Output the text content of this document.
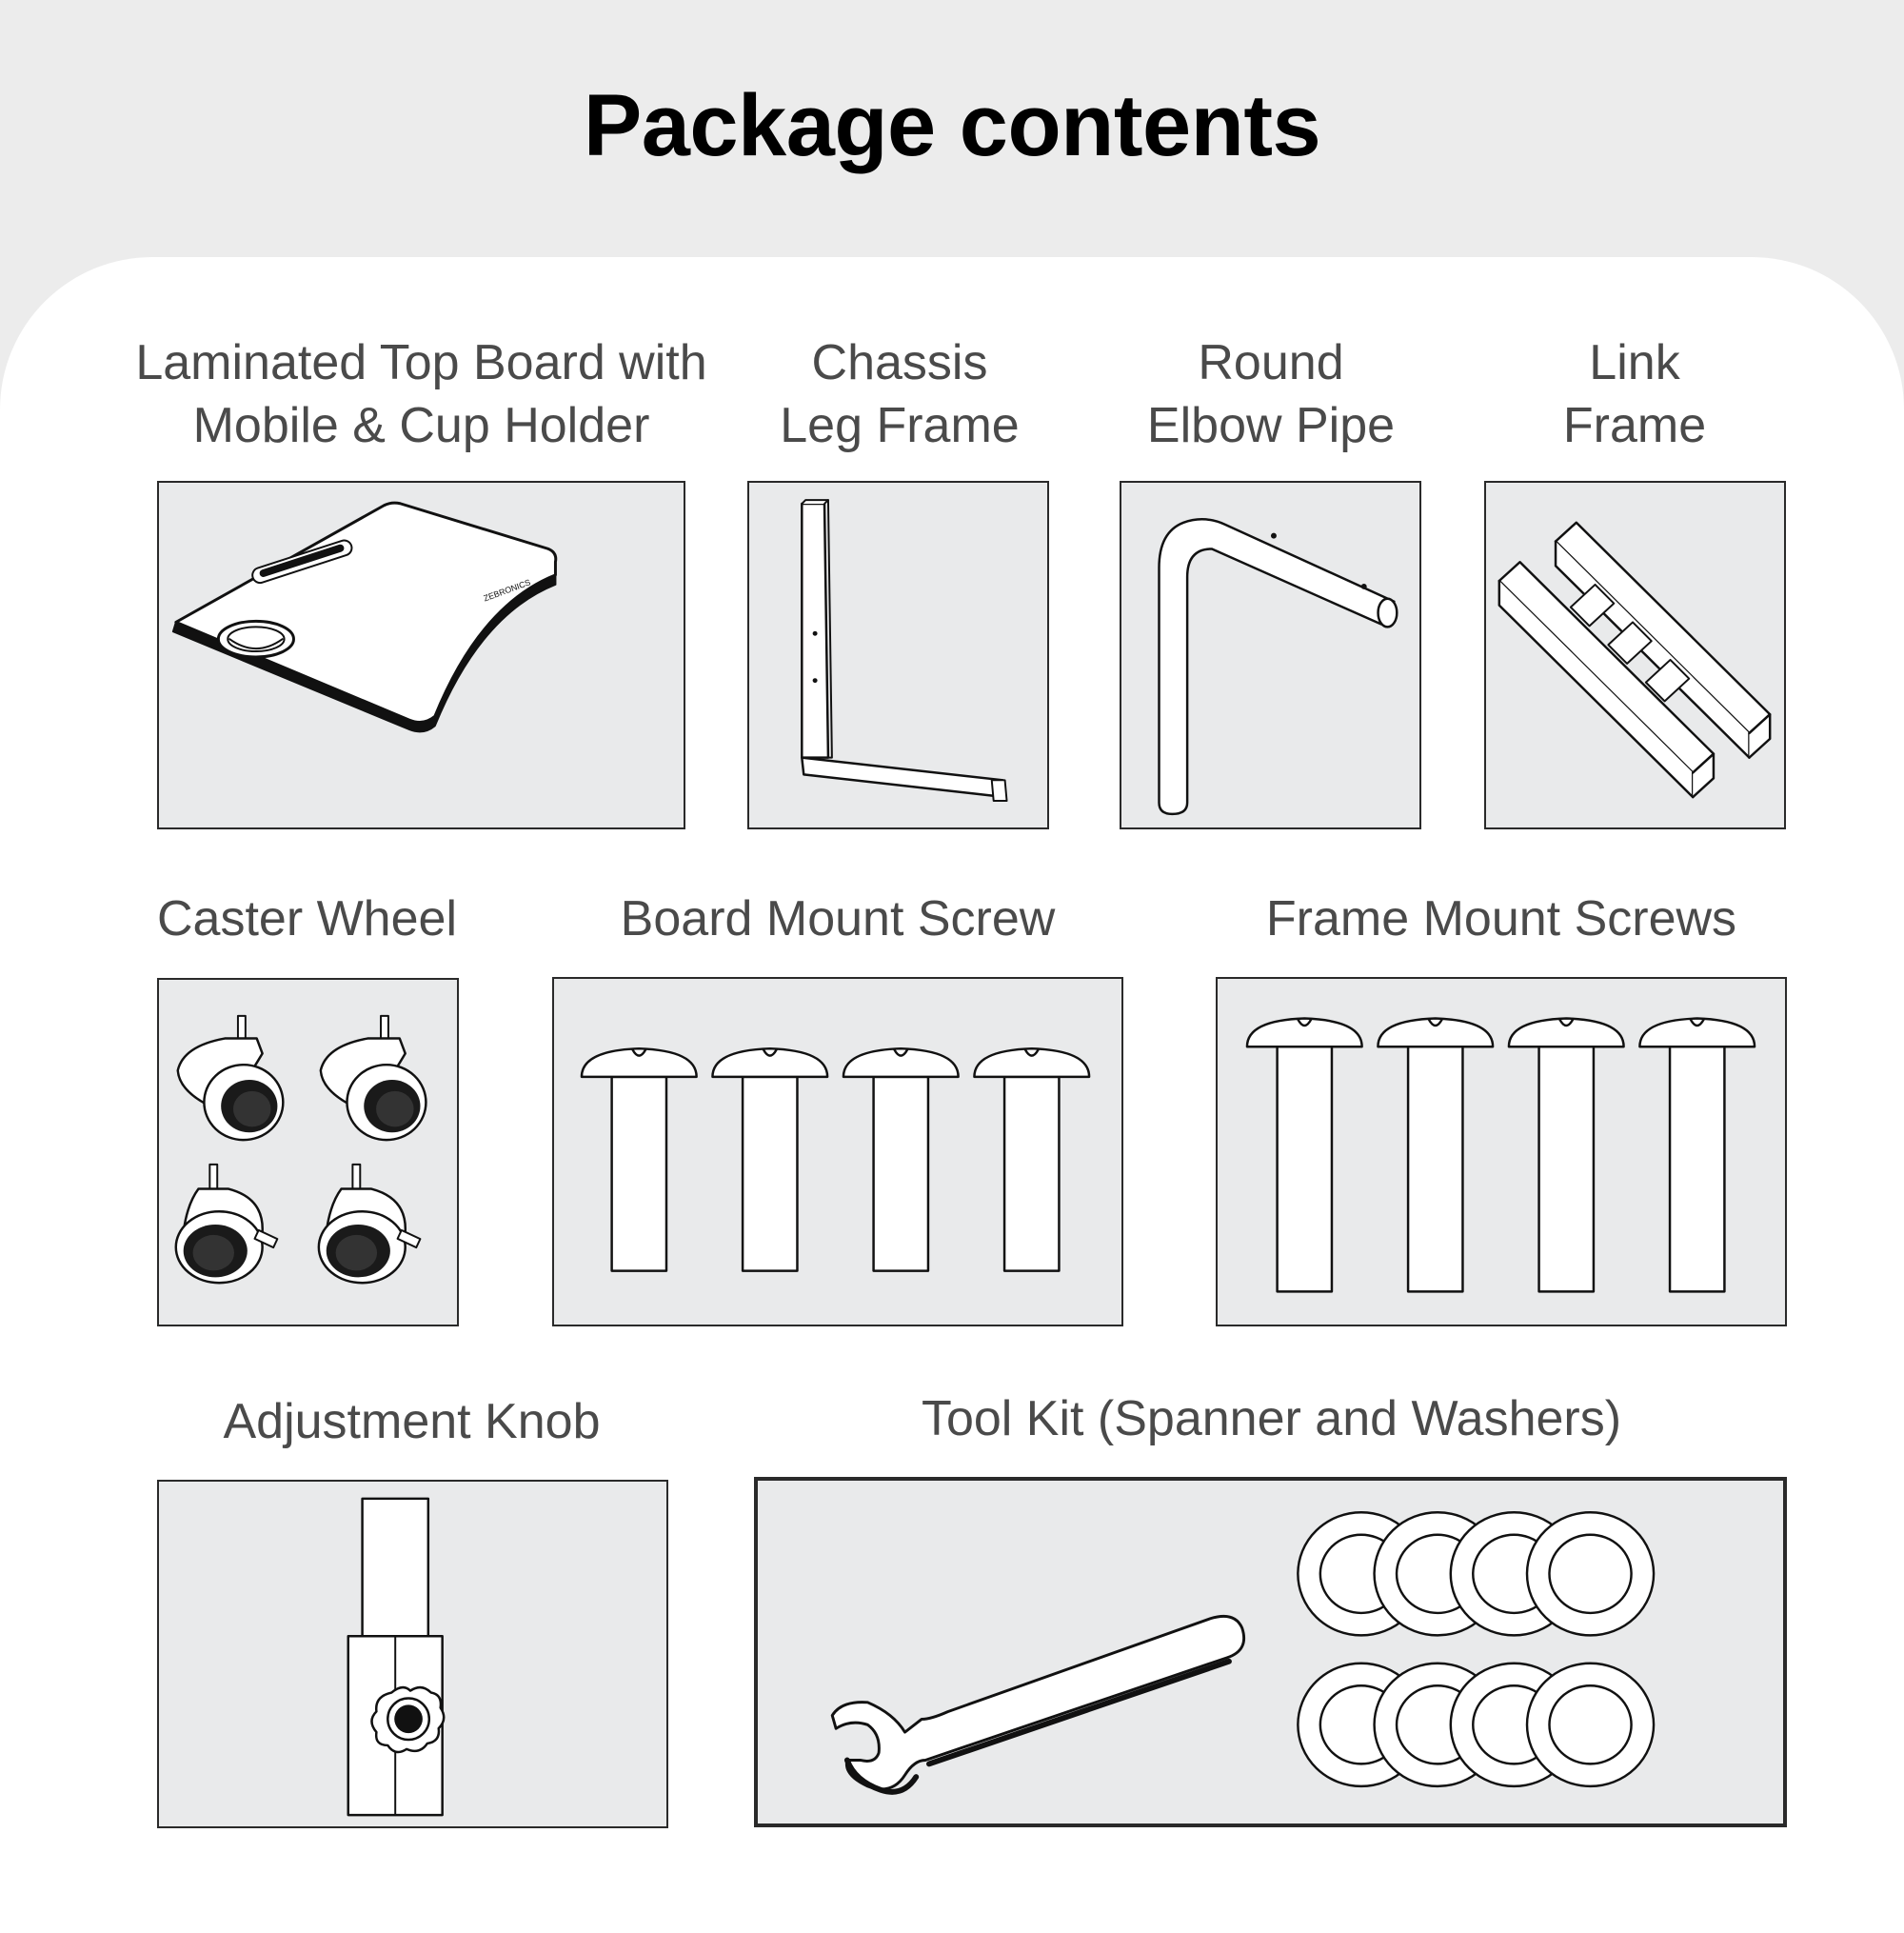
Package contents
Laminated Top Board with
Mobile & Cup Holder
Chassis
Leg Frame
Round
Elbow Pipe
Link
Frame
ZEBRONICS
Caster Wheel	Board Mount Screw	Frame Mount Screws
Adjustment Knob	Tool Kit (Spanner and Washers)
